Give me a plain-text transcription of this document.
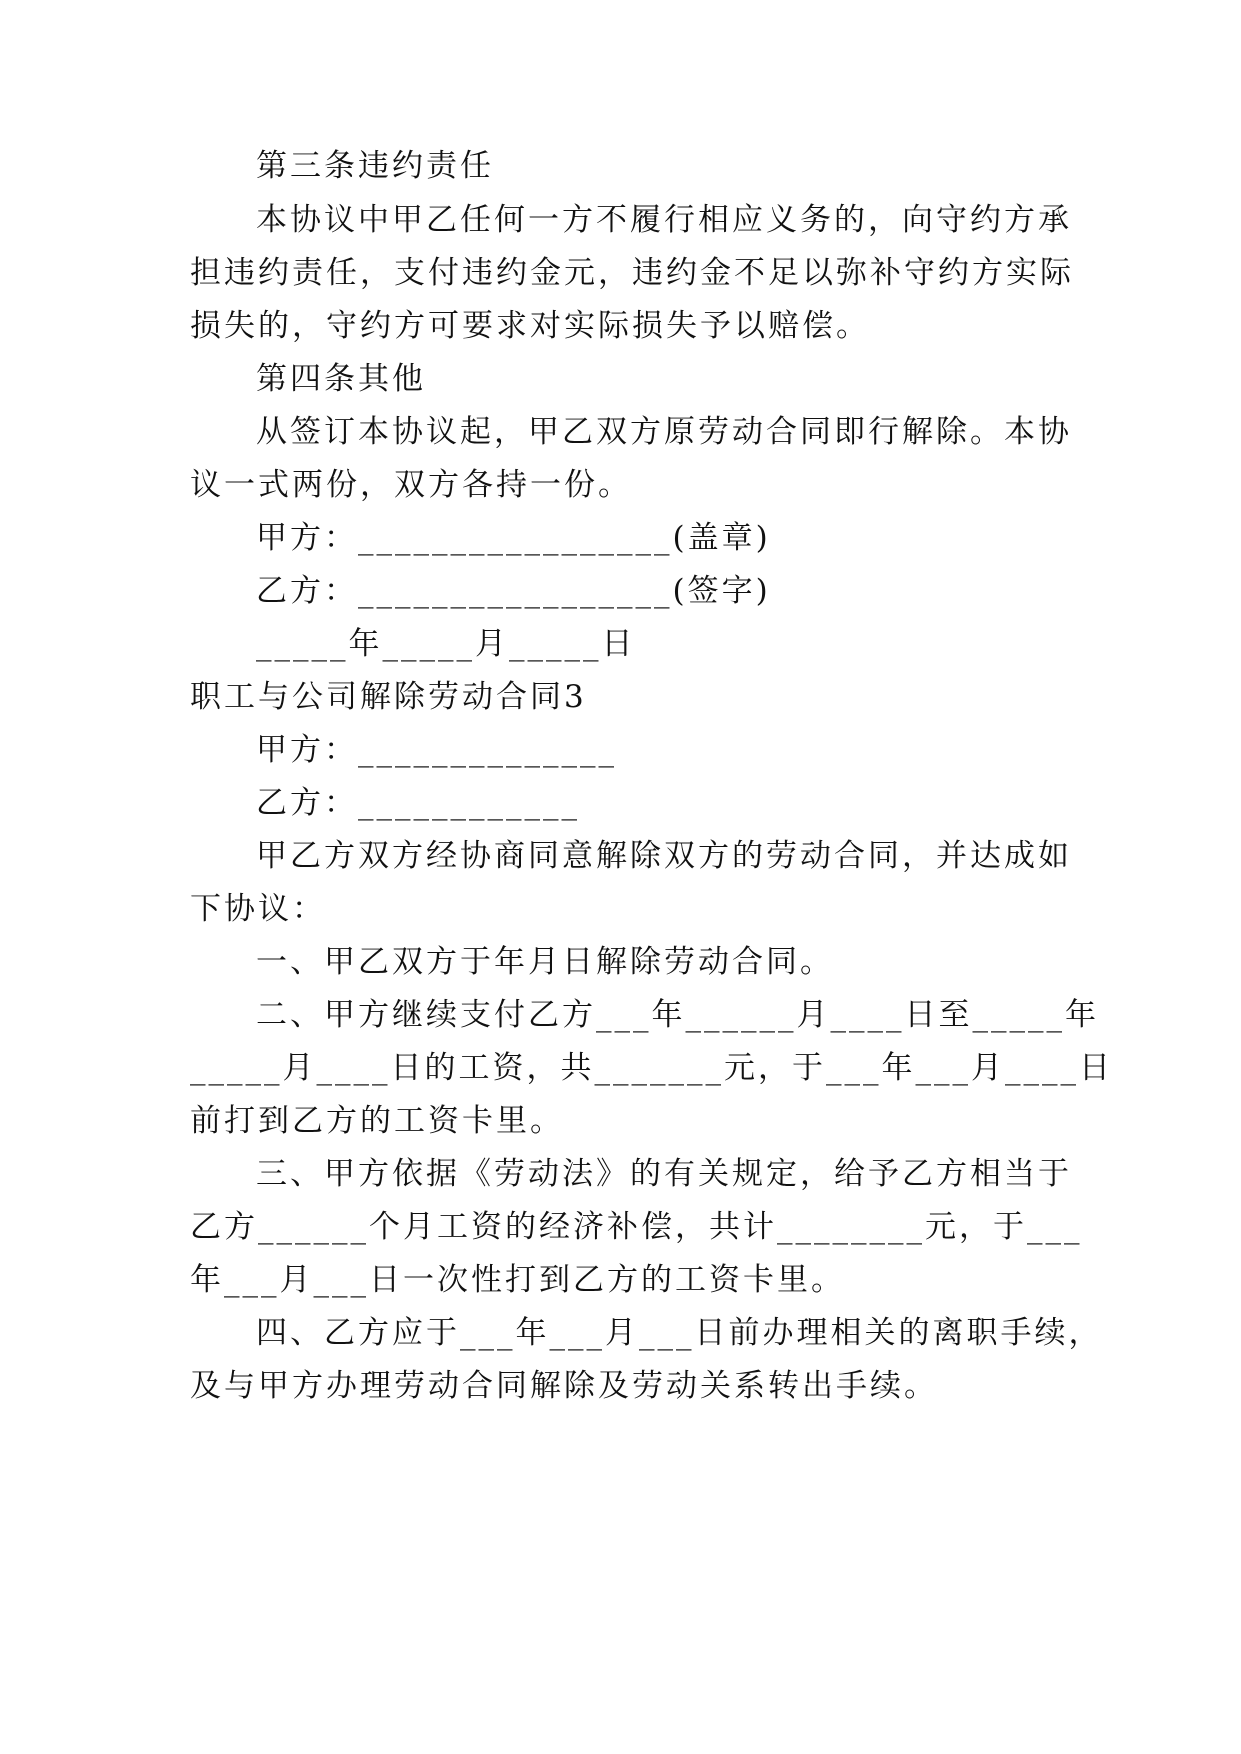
第三条违约责任
本协议中甲乙任何一方不履行相应义务的，向守约方承
担违约责任，支付违约金元，违约金不足以弥补守约方实际
损失的，守约方可要求对实际损失予以赔偿。
第四条其他
从签订本协议起，甲乙双方原劳动合同即行解除。本协
议一式两份，双方各持一份。
甲方：_________________(盖章)
乙方：_________________(签字)
_____年_____月_____日
职工与公司解除劳动合同3
甲方：______________
乙方：____________
甲乙方双方经协商同意解除双方的劳动合同，并达成如
下协议：
一、甲乙双方于年月日解除劳动合同。
二、甲方继续支付乙方___年______月____日至_____年
_____月____日的工资，共_______元，于___年___月____日
前打到乙方的工资卡里。
三、甲方依据《劳动法》的有关规定，给予乙方相当于
乙方______个月工资的经济补偿，共计________元，于___
年___月___日一次性打到乙方的工资卡里。
四、乙方应于___年___月___日前办理相关的离职手续，
及与甲方办理劳动合同解除及劳动关系转出手续。
